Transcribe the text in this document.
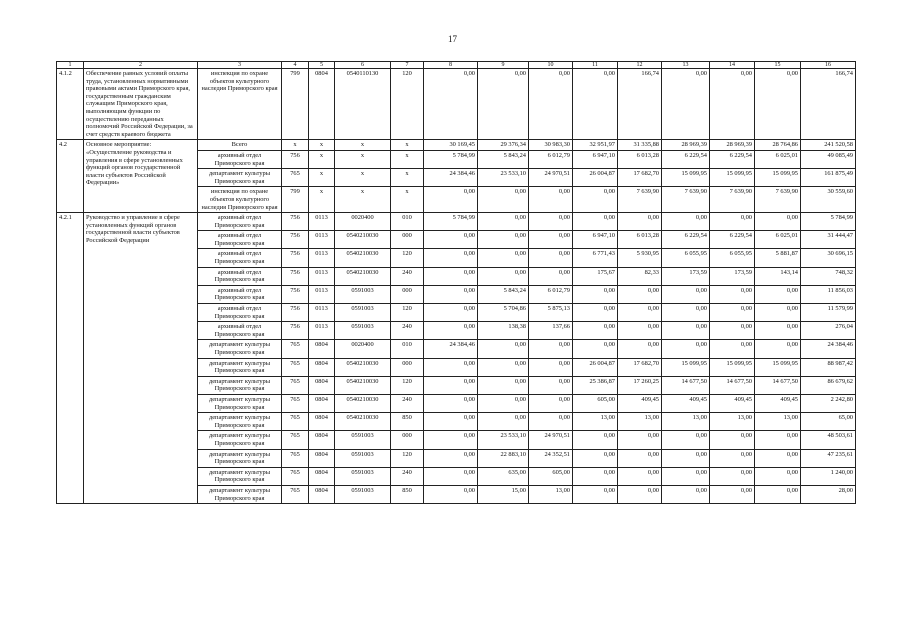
17
1	2	3	4	5	6	7	8	9	10	11	12	13	14	15	16
4.1.2	Обеспечение равных условий оплаты труда, установленных нормативными правовыми актами Приморского края, государственным гражданским служащим Приморского края, выполняющим функции по осуществлению переданных полномочий Российской Федерации, за счет средств краевого бюджета	инспекция по охране объектов культурного наследия Приморского края	799	0804	0540110130	120	0,00	0,00	0,00	0,00	166,74	0,00	0,00	0,00	166,74
4.2	Основное мероприятие: «Осуществление руководства и управления в сфере установленных функций органов государственной власти субъектов Российской Федерации»	Всего	х	х	х	х	30 169,45	29 376,34	30 983,30	32 951,97	31 335,88	28 969,39	28 969,39	28 764,86	241 520,58
		архивный отдел Приморского края	756	х	х	х	5 784,99	5 843,24	6 012,79	6 947,10	6 013,28	6 229,54	6 229,54	6 025,01	49 085,49
		департамент культуры Приморского края	765	х	х	х	24 384,46	23 533,10	24 970,51	26 004,87	17 682,70	15 099,95	15 099,95	15 099,95	161 875,49
		инспекция по охране объектов культурного наследия Приморского края	799	х	х	х	0,00	0,00	0,00	0,00	7 639,90	7 639,90	7 639,90	7 639,90	30 559,60
4.2.1	Руководство и управление в сфере установленных функций органов государственной власти субъектов Российской Федерации	архивный отдел Приморского края	756	0113	0020400	010	5 784,99	0,00	0,00	0,00	0,00	0,00	0,00	0,00	5 784,99
		архивный отдел Приморского края	756	0113	0540210030	000	0,00	0,00	0,00	6 947,10	6 013,28	6 229,54	6 229,54	6 025,01	31 444,47
		архивный отдел Приморского края	756	0113	0540210030	120	0,00	0,00	0,00	6 771,43	5 930,95	6 055,95	6 055,95	5 881,87	30 696,15
		архивный отдел Приморского края	756	0113	0540210030	240	0,00	0,00	0,00	175,67	82,33	173,59	173,59	143,14	748,32
		архивный отдел Приморского края	756	0113	0591003	000	0,00	5 843,24	6 012,79	0,00	0,00	0,00	0,00	0,00	11 856,03
		архивный отдел Приморского края	756	0113	0591003	120	0,00	5 704,86	5 875,13	0,00	0,00	0,00	0,00	0,00	11 579,99
		архивный отдел Приморского края	756	0113	0591003	240	0,00	138,38	137,66	0,00	0,00	0,00	0,00	0,00	276,04
		департамент культуры Приморского края	765	0804	0020400	010	24 384,46	0,00	0,00	0,00	0,00	0,00	0,00	0,00	24 384,46
		департамент культуры Приморского края	765	0804	0540210030	000	0,00	0,00	0,00	26 004,87	17 682,70	15 099,95	15 099,95	15 099,95	88 987,42
		департамент культуры Приморского края	765	0804	0540210030	120	0,00	0,00	0,00	25 386,87	17 260,25	14 677,50	14 677,50	14 677,50	86 679,62
		департамент культуры Приморского края	765	0804	0540210030	240	0,00	0,00	0,00	605,00	409,45	409,45	409,45	409,45	2 242,80
		департамент культуры Приморского края	765	0804	0540210030	850	0,00	0,00	0,00	13,00	13,00	13,00	13,00	13,00	65,00
		департамент культуры Приморского края	765	0804	0591003	000	0,00	23 533,10	24 970,51	0,00	0,00	0,00	0,00	0,00	48 503,61
		департамент культуры Приморского края	765	0804	0591003	120	0,00	22 883,10	24 352,51	0,00	0,00	0,00	0,00	0,00	47 235,61
		департамент культуры Приморского края	765	0804	0591003	240	0,00	635,00	605,00	0,00	0,00	0,00	0,00	0,00	1 240,00
		департамент культуры Приморского края	765	0804	0591003	850	0,00	15,00	13,00	0,00	0,00	0,00	0,00	0,00	28,00
